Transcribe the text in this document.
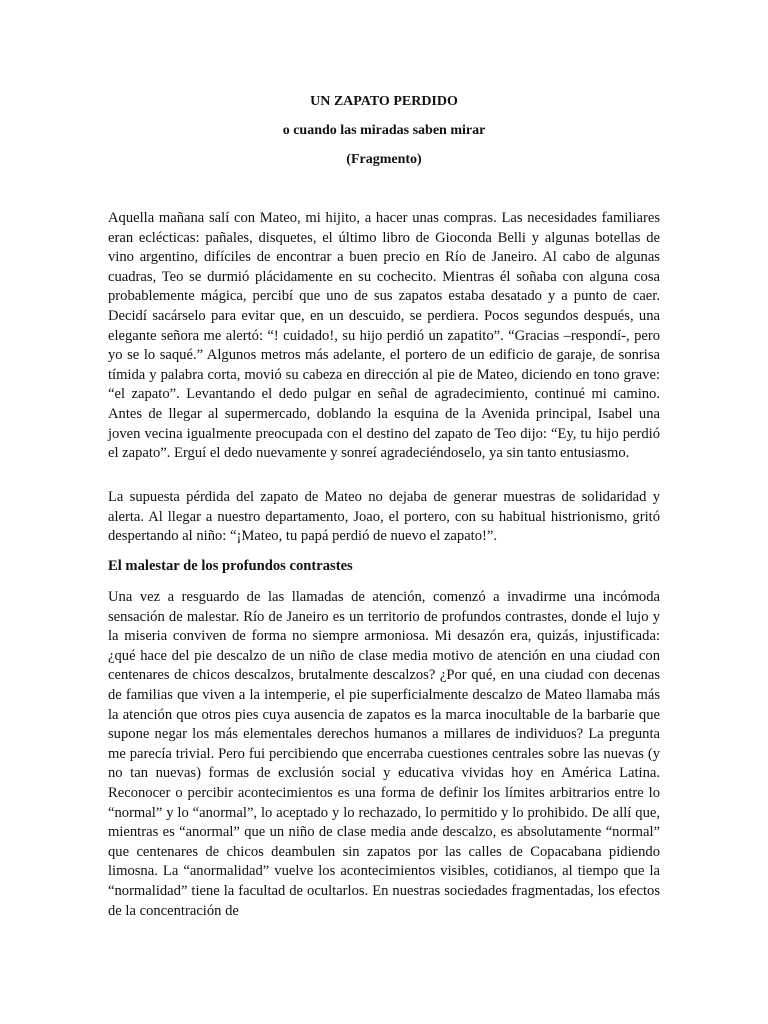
UN ZAPATO PERDIDO
o cuando las miradas saben mirar
(Fragmento)

Aquella mañana salí con Mateo, mi hijito, a hacer unas compras. Las necesidades familiares eran eclécticas: pañales, disquetes, el último libro de Gioconda Belli y algunas botellas de vino argentino, difíciles de encontrar a buen precio en Río de Janeiro. Al cabo de algunas cuadras, Teo se durmió plácidamente en su cochecito. Mientras él soñaba con alguna cosa probablemente mágica, percibí que uno de sus zapatos estaba desatado y a punto de caer. Decidí sacárselo para evitar que, en un descuido, se perdiera. Pocos segundos después, una elegante señora me alertó: “! cuidado!, su hijo perdió un zapatito”. “Gracias –respondí-, pero yo se lo saqué.” Algunos metros más adelante, el portero de un edificio de garaje, de sonrisa tímida y palabra corta, movió su cabeza en dirección al pie de Mateo, diciendo en tono grave: “el zapato”. Levantando el dedo pulgar en señal de agradecimiento, continué mi camino. Antes de llegar al supermercado, doblando la esquina de la Avenida principal, Isabel una joven vecina igualmente preocupada con el destino del zapato de Teo dijo: “Ey, tu hijo perdió el zapato”. Erguí el dedo nuevamente y sonreí agradeciéndoselo, ya sin tanto entusiasmo.

La supuesta pérdida del zapato de Mateo no dejaba de generar muestras de solidaridad y alerta. Al llegar a nuestro departamento, Joao, el portero, con su habitual histrionismo, gritó despertando al niño: “¡Mateo, tu papá perdió de nuevo el zapato!”.

El malestar de los profundos contrastes

Una vez a resguardo de las llamadas de atención, comenzó a invadirme una incómoda sensación de malestar. Río de Janeiro es un territorio de profundos contrastes, donde el lujo y la miseria conviven de forma no siempre armoniosa. Mi desazón era, quizás, injustificada: ¿qué hace del pie descalzo de un niño de clase media motivo de atención en una ciudad con centenares de chicos descalzos, brutalmente descalzos? ¿Por qué, en una ciudad con decenas de familias que viven a la intemperie, el pie superficialmente descalzo de Mateo llamaba más la atención que otros pies cuya ausencia de zapatos es la marca inocultable de la barbarie que supone negar los más elementales derechos humanos a millares de individuos? La pregunta me parecía trivial. Pero fui percibiendo que encerraba cuestiones centrales sobre las nuevas (y no tan nuevas) formas de exclusión social y educativa vividas hoy en América Latina. Reconocer o percibir acontecimientos es una forma de definir los límites arbitrarios entre lo “normal” y lo “anormal”, lo aceptado y lo rechazado, lo permitido y lo prohibido. De allí que, mientras es “anormal” que un niño de clase media ande descalzo, es absolutamente “normal” que centenares de chicos deambulen sin zapatos por las calles de Copacabana pidiendo limosna. La “anormalidad” vuelve los acontecimientos visibles, cotidianos, al tiempo que la “normalidad” tiene la facultad de ocultarlos. En nuestras sociedades fragmentadas, los efectos de la concentración de
